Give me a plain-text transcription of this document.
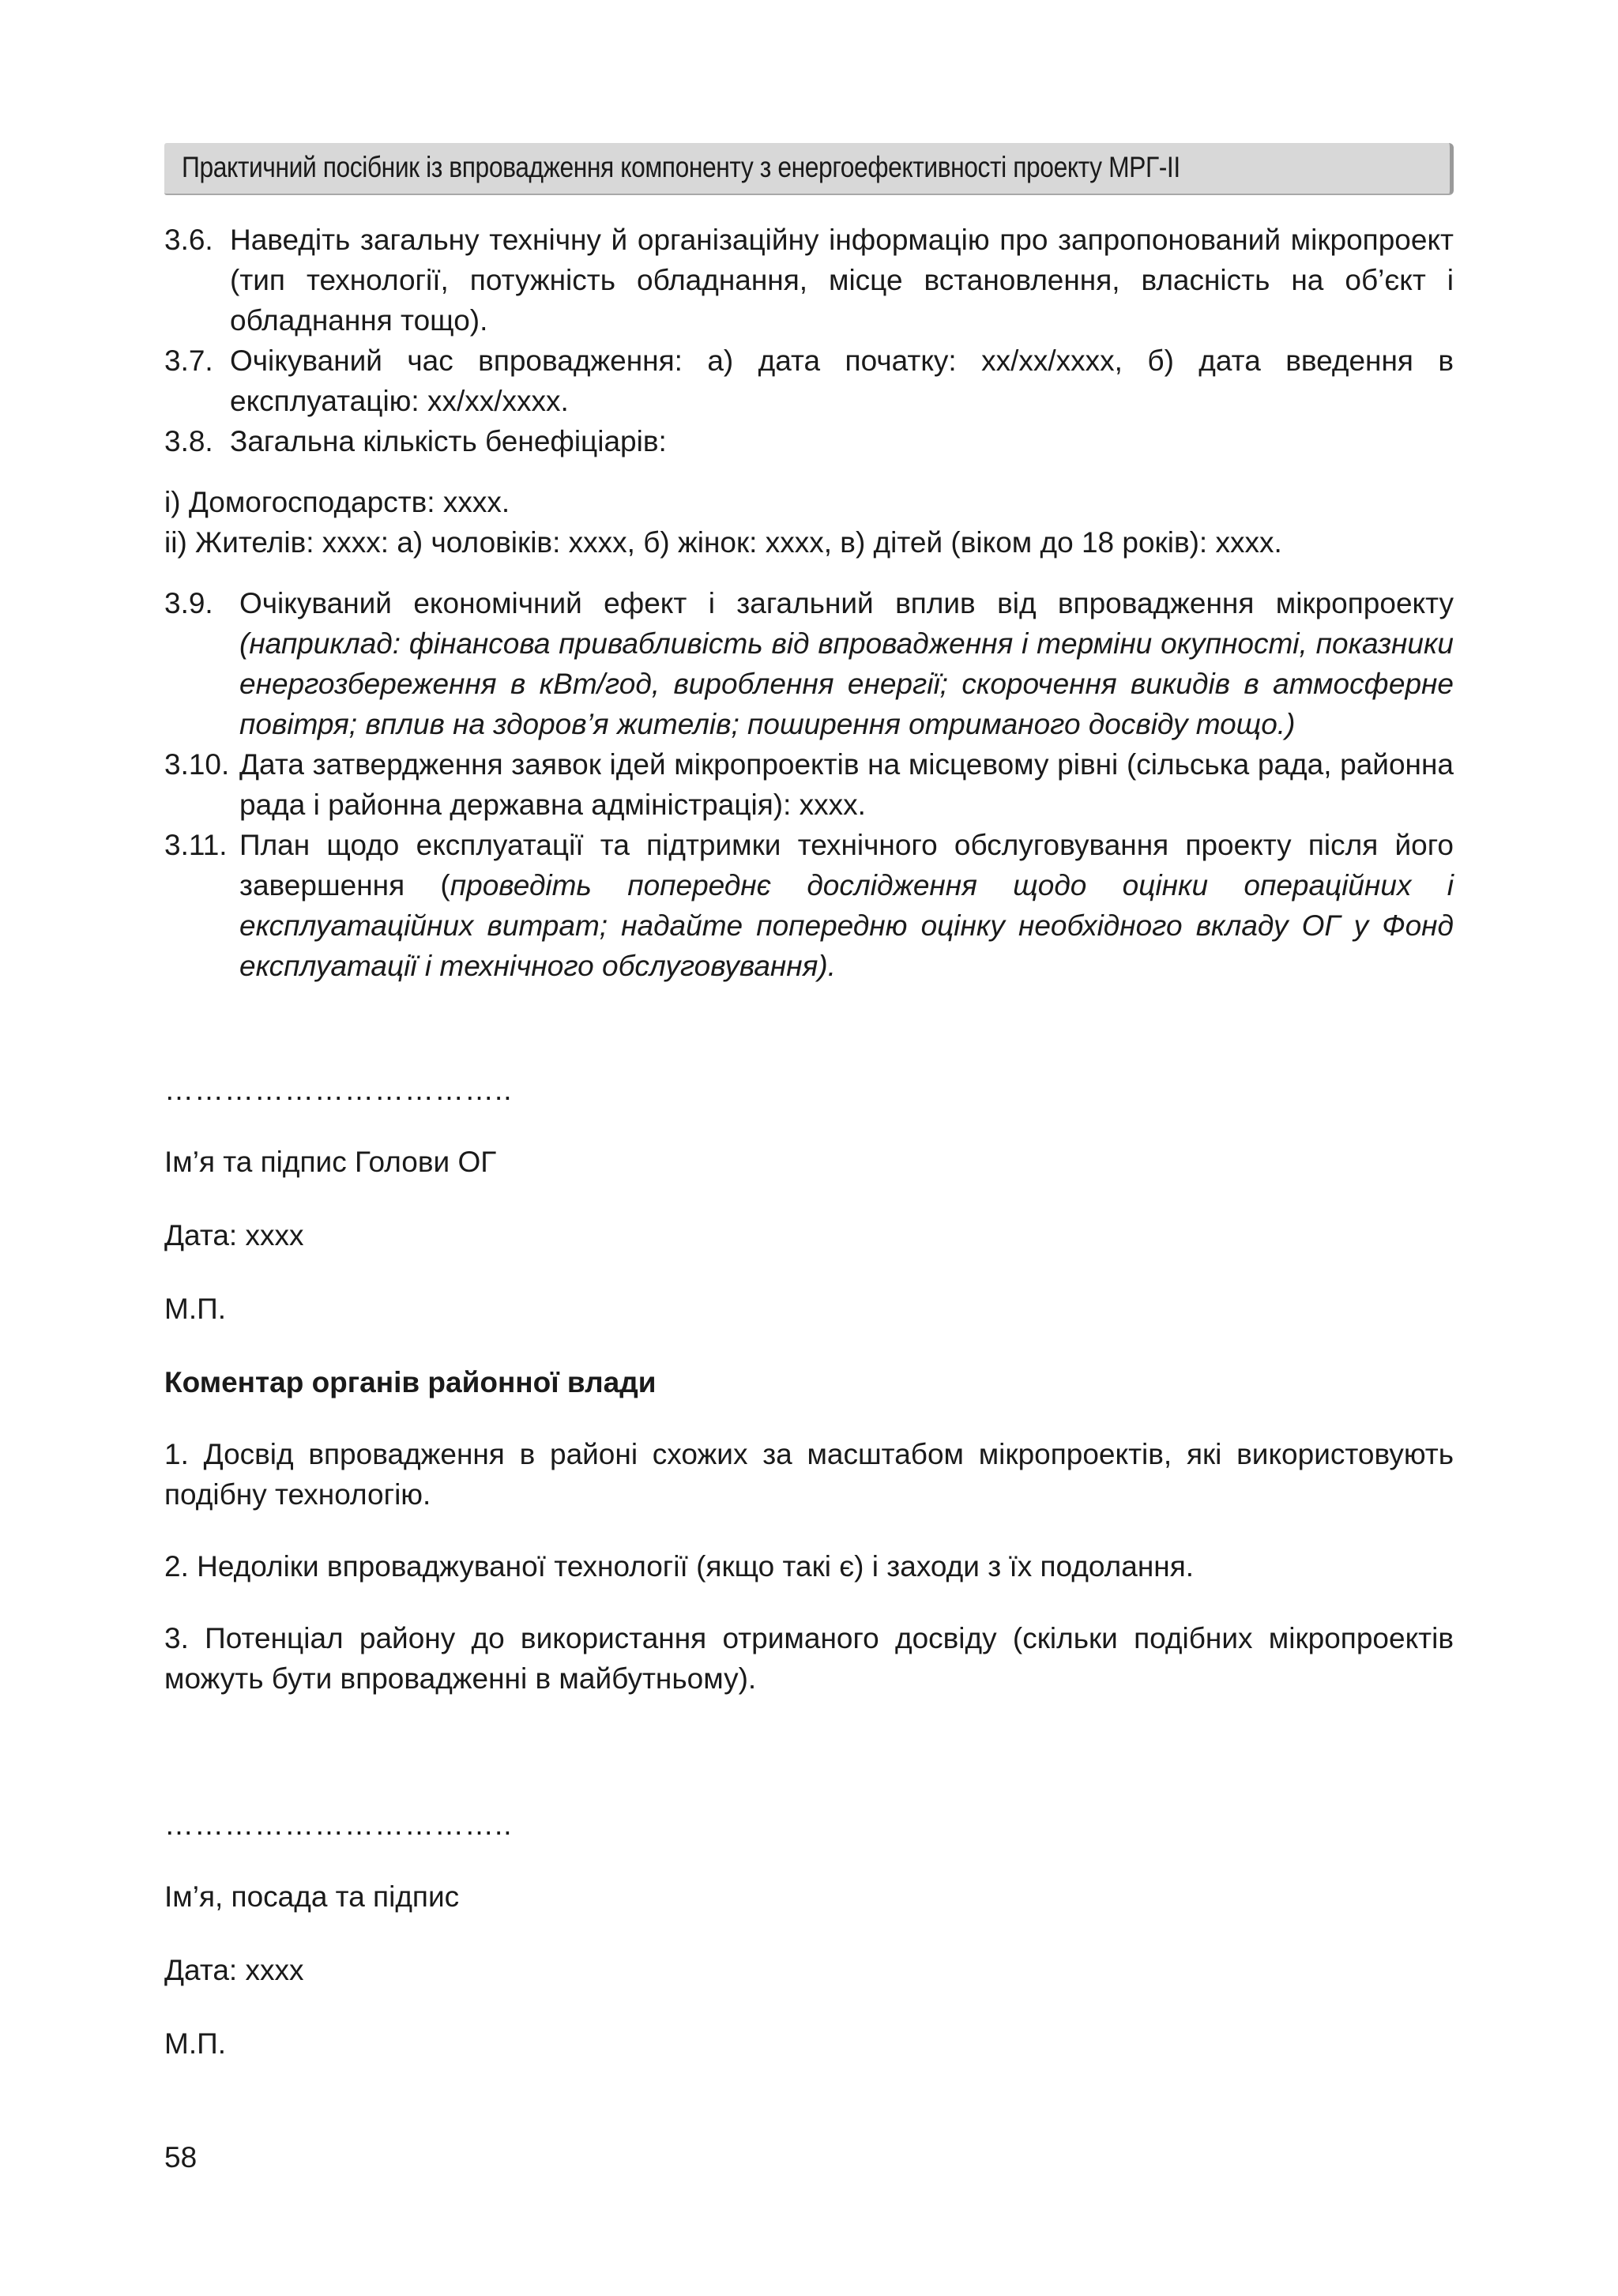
Практичний посібник із впровадження компоненту з енергоефективності проекту МРГ-ІІ
3.6. Наведіть загальну технічну й організаційну інформацію про запропонований мікропроект (тип технології, потужність обладнання, місце встановлення, власність на об’єкт і обладнання тощо).
3.7. Очікуваний час впровадження: а) дата початку: хх/хх/хххх, б) дата введення в експлуатацію: хх/хх/хххх.
3.8. Загальна кількість бенефіціарів:

i) Домогосподарств: хххх.

ii) Жителів: хххх: а) чоловіків: хххх, б) жінок: хххх, в) дітей (віком до 18 років): хххх.

3.9. Очікуваний економічний ефект і загальний вплив від впровадження мікропроекту (наприклад: фінансова привабливість від впровадження і терміни окупності, показники енергозбереження в кВт/год, вироблення енергії; скорочення викидів в атмосферне повітря; вплив на здоров’я жителів; поширення отриманого досвіду тощо.)
3.10. Дата затвердження заявок ідей мікропроектів на місцевому рівні (сільська рада, районна рада і районна державна адміністрація): хххх.
3.11. План щодо експлуатації та підтримки технічного обслуговування проекту після його завершення (проведіть попереднє дослідження щодо оцінки операційних і експлуатаційних витрат; надайте попередню оцінку необхідного вкладу ОГ у Фонд експлуатації і технічного обслуговування).

……………………………..

Ім’я та підпис Голови ОГ

Дата: хххх

М.П.

Коментар органів районної влади

1. Досвід впровадження в районі схожих за масштабом мікропроектів, які використовують подібну технологію.

2. Недоліки впроваджуваної технології (якщо такі є) і заходи з їх подолання.

3. Потенціал району до використання отриманого досвіду (скільки подібних мікропроектів можуть бути впровадженні в майбутньому).

……………………………..

Ім’я, посада та підпис

Дата: хххх

М.П.

58
